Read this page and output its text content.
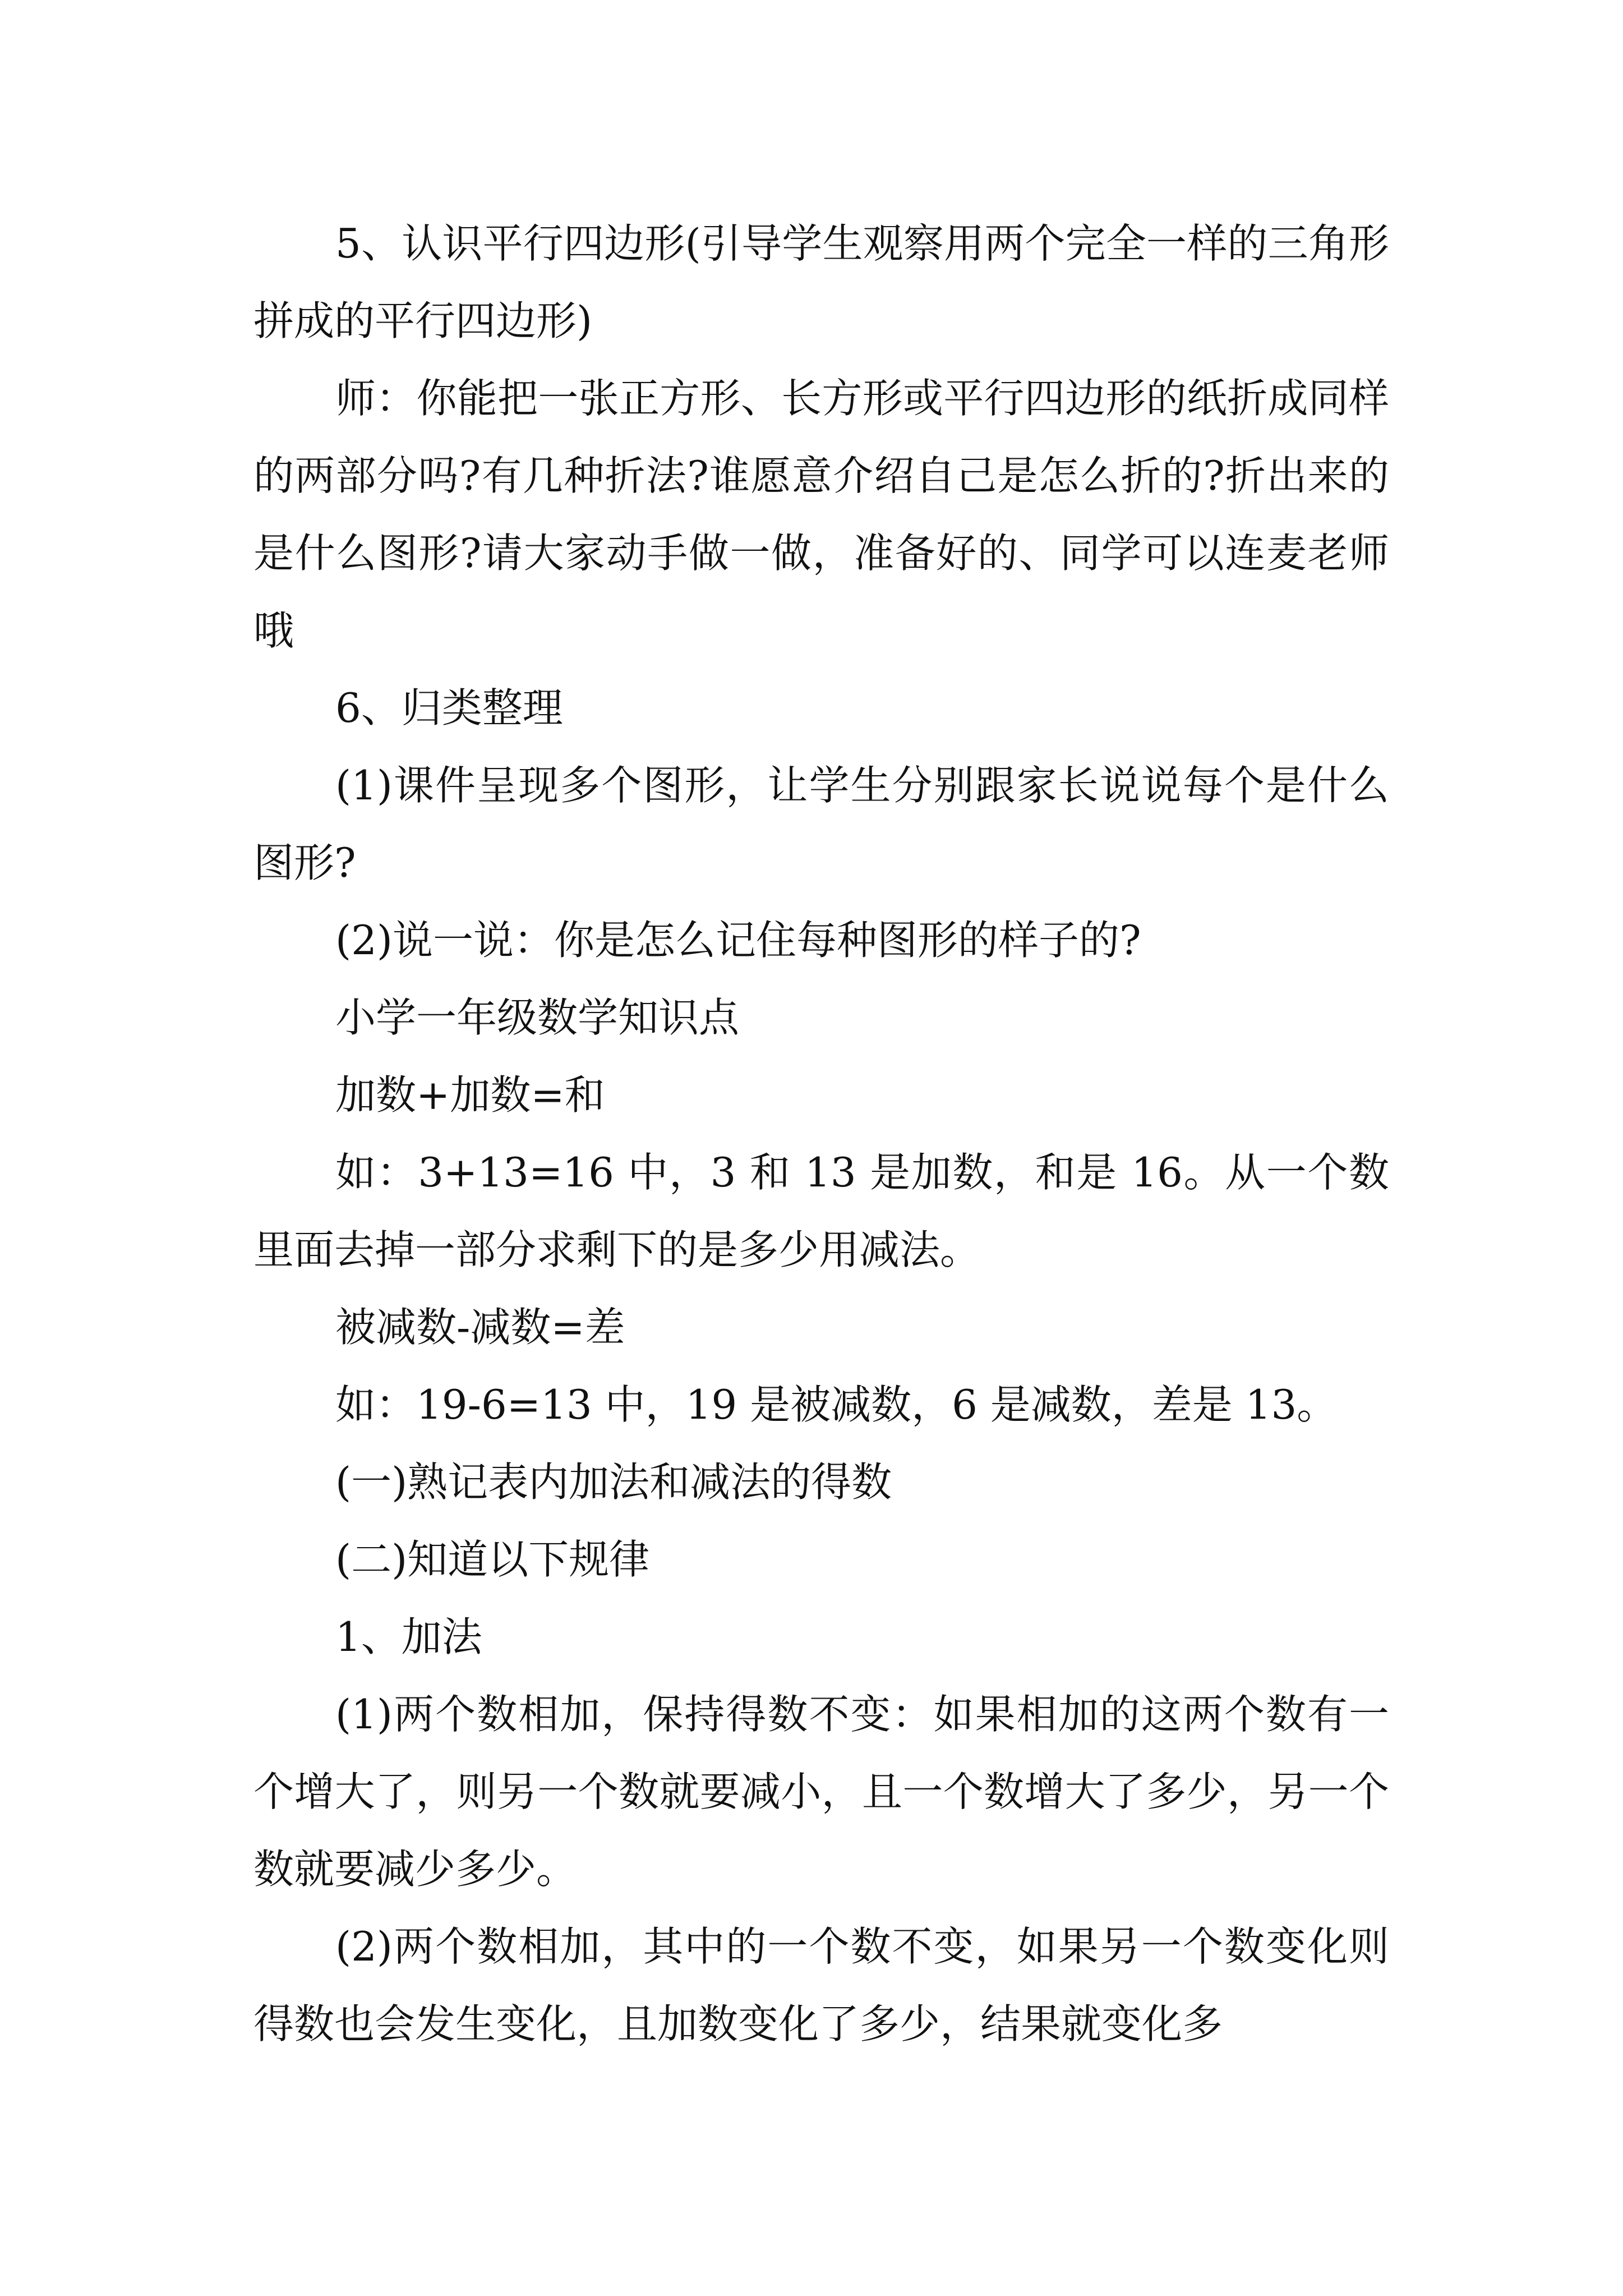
5、认识平行四边形(引导学生观察用两个完全一样的三角形拼成的平行四边形)

师：你能把一张正方形、长方形或平行四边形的纸折成同样的两部分吗?有几种折法?谁愿意介绍自己是怎么折的?折出来的是什么图形?请大家动手做一做，准备好的、同学可以连麦老师哦

6、归类整理

(1)课件呈现多个图形，让学生分别跟家长说说每个是什么图形?

(2)说一说：你是怎么记住每种图形的样子的?

小学一年级数学知识点

加数+加数=和

如：3+13=16 中，3 和 13 是加数，和是 16。从一个数里面去掉一部分求剩下的是多少用减法。

被减数-减数=差

如：19-6=13 中，19 是被减数，6 是减数，差是 13。

(一)熟记表内加法和减法的得数

(二)知道以下规律

1、加法

(1)两个数相加，保持得数不变：如果相加的这两个数有一个增大了，则另一个数就要减小，且一个数增大了多少，另一个数就要减少多少。

(2)两个数相加，其中的一个数不变，如果另一个数变化则得数也会发生变化，且加数变化了多少，结果就变化多
